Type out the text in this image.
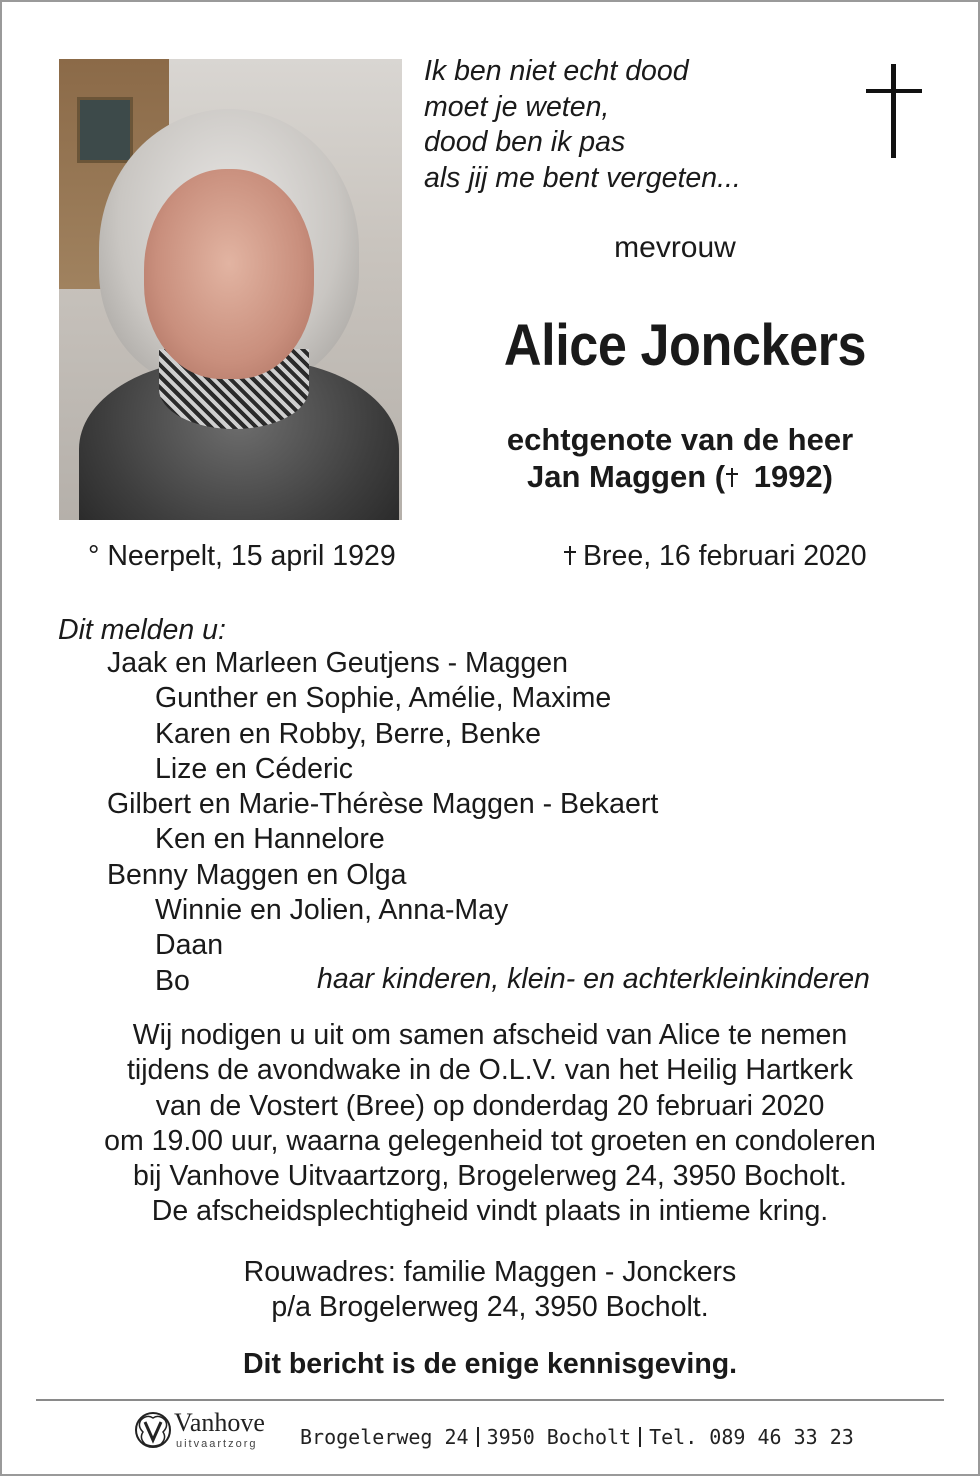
Ik ben niet echt dood
moet je weten,
dood ben ik pas
als jij me bent vergeten...
mevrouw
Alice Jonckers
echtgenote van de heer
Jan Maggen ( 1992)
° Neerpelt, 15 april 1929	Bree, 16 februari 2020
Dit melden u:
Jaak en Marleen Geutjens - Maggen
Gunther en Sophie, Amélie, Maxime
Karen en Robby, Berre, Benke
Lize en Céderic
Gilbert en Marie-Thérèse Maggen - Bekaert
Ken en Hannelore
Benny Maggen en Olga
Winnie en Jolien, Anna-May
Daan
Bo	haar kinderen, klein- en achterkleinkinderen
Wij nodigen u uit om samen afscheid van Alice te nemen
tijdens de avondwake in de O.L.V. van het Heilig Hartkerk
van de Vostert (Bree) op donderdag 20 februari 2020
om 19.00 uur, waarna gelegenheid tot groeten en condoleren
bij Vanhove Uitvaartzorg, Brogelerweg 24, 3950 Bocholt.
De afscheidsplechtigheid vindt plaats in intieme kring.
Rouwadres: familie Maggen - Jonckers
p/a Brogelerweg 24, 3950 Bocholt.
Dit bericht is de enige kennisgeving.
Vanhove
uitvaartzorg Brogelerweg 24 3950 Bocholt Tel. 089 46 33 23
